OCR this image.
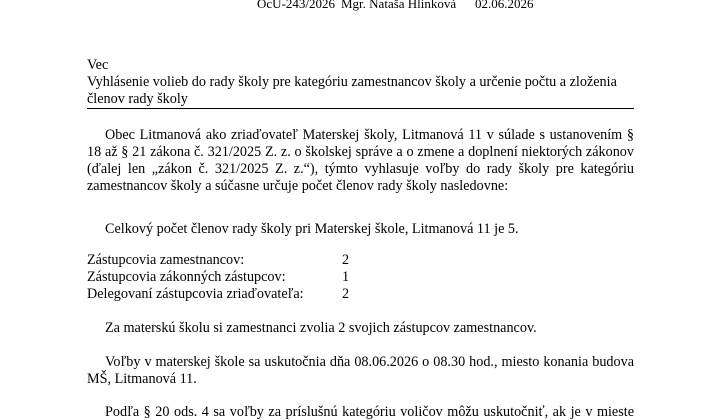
OcU-243/2026 Mgr. Nataša Hlinková 02.06.2026
Vec
Vyhlásenie volieb do rady školy pre kategóriu zamestnancov školy a určenie počtu a zloženia
členov rady školy
Obec Litmanová ako zriaďovateľ Materskej školy, Litmanová 11 v súlade s ustanovením §
18 až § 21 zákona č. 321/2025 Z. z. o školskej správe a o zmene a doplnení niektorých zákonov
(ďalej len „zákon č. 321/2025 Z. z.“), týmto vyhlasuje voľby do rady školy pre kategóriu
zamestnancov školy a súčasne určuje počet členov rady školy nasledovne:
Celkový počet členov rady školy pri Materskej škole, Litmanová 11 je 5.
Zástupcovia zamestnancov:	2
Zástupcovia zákonných zástupcov:	1
Delegovaní zástupcovia zriaďovateľa:	2
Za materskú školu si zamestnanci zvolia 2 svojich zástupcov zamestnancov.
Voľby v materskej škole sa uskutočnia dňa 08.06.2026 o 08.30 hod., miesto konania budova
MŠ, Litmanová 11.
Podľa § 20 ods. 4 sa voľby za príslušnú kategóriu voličov môžu uskutočniť, ak je v mieste
